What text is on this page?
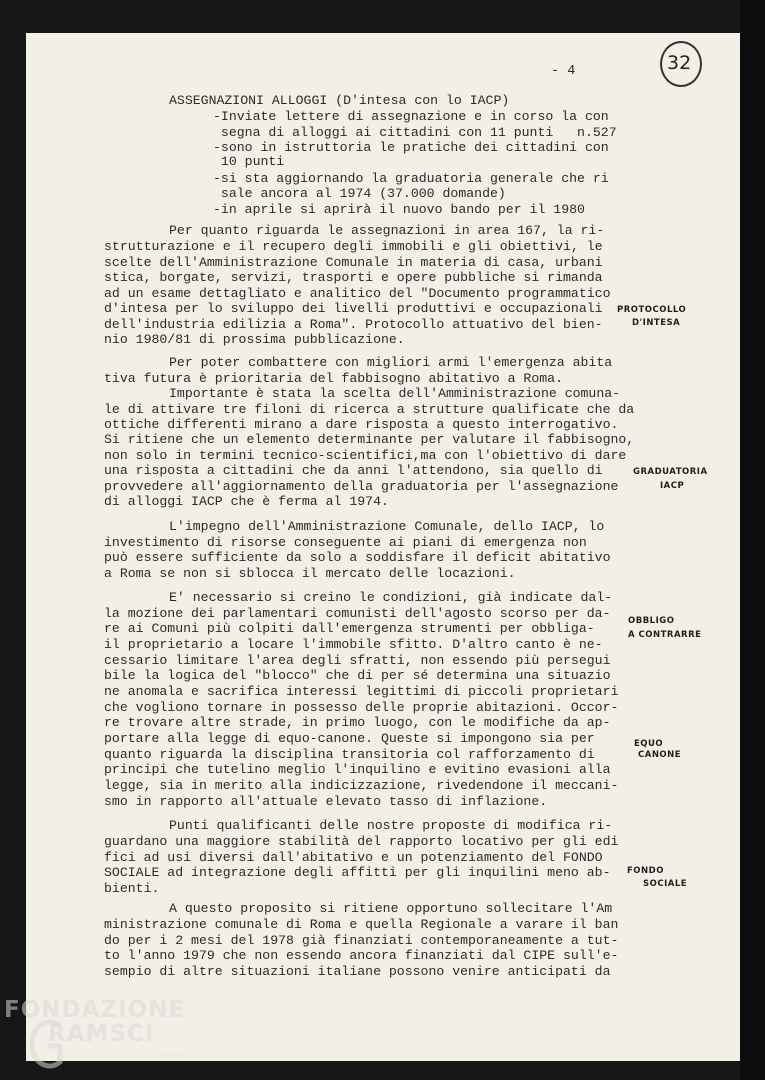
- 4	32
ASSEGNAZIONI ALLOGGI (D'intesa con lo IACP)
-Inviate lettere di assegnazione e in corso la con
segna di alloggi ai cittadini con 11 punti   n.527
-sono in istruttoria le pratiche dei cittadini con
10 punti
-si sta aggiornando la graduatoria generale che ri
sale ancora al 1974 (37.000 domande)
-in aprile si aprirà il nuovo bando per il 1980
Per quanto riguarda le assegnazioni in area 167, la ri-
strutturazione e il recupero degli immobili e gli obiettivi, le
scelte dell'Amministrazione Comunale in materia di casa, urbani
stica, borgate, servizi, trasporti e opere pubbliche si rimanda
ad un esame dettagliato e analitico del "Documento programmatico
d'intesa per lo sviluppo dei livelli produttivi e occupazionali
dell'industria edilizia a Roma". Protocollo attuativo del bien-
nio 1980/81 di prossima pubblicazione.
Per poter combattere con migliori armi l'emergenza abita
tiva futura è prioritaria del fabbisogno abitativo a Roma.
Importante è stata la scelta dell'Amministrazione comuna-
le di attivare tre filoni di ricerca a strutture qualificate che da
ottiche differenti mirano a dare risposta a questo interrogativo.
Si ritiene che un elemento determinante per valutare il fabbisogno,
non solo in termini tecnico-scientifici,ma con l'obiettivo di dare
una risposta a cittadini che da anni l'attendono, sia quello di
provvedere all'aggiornamento della graduatoria per l'assegnazione
di alloggi IACP che è ferma al 1974.
L'impegno dell'Amministrazione Comunale, dello IACP, lo
investimento di risorse conseguente ai piani di emergenza non
può essere sufficiente da solo a soddisfare il deficit abitativo
a Roma se non si sblocca il mercato delle locazioni.
E' necessario si creino le condizioni, già indicate dal-
la mozione dei parlamentari comunisti dell'agosto scorso per da-
re ai Comuni più colpiti dall'emergenza strumenti per obbliga-
il proprietario a locare l'immobile sfitto. D'altro canto è ne-
cessario limitare l'area degli sfratti, non essendo più persegui
bile la logica del "blocco" che di per sé determina una situazio
ne anomala e sacrifica interessi legittimi di piccoli proprietari
che vogliono tornare in possesso delle proprie abitazioni. Occor-
re trovare altre strade, in primo luogo, con le modifiche da ap-
portare alla legge di equo-canone. Queste si impongono sia per
quanto riguarda la disciplina transitoria col rafforzamento di
principi che tutelino meglio l'inquilino e evitino evasioni alla
legge, sia in merito alla indicizzazione, rivedendone il meccani-
smo in rapporto all'attuale elevato tasso di inflazione.
Punti qualificanti delle nostre proposte di modifica ri-
guardano una maggiore stabilità del rapporto locativo per gli edi
fici ad usi diversi dall'abitativo e un potenziamento del FONDO
SOCIALE ad integrazione degli affitti per gli inquilini meno ab-
bienti.
A questo proposito si ritiene opportuno sollecitare l'Am
ministrazione comunale di Roma e quella Regionale a varare il ban
do per i 2 mesi del 1978 già finanziati contemporaneamente a tut-
to l'anno 1979 che non essendo ancora finanziati dal CIPE sull'e-
sempio di altre situazioni italiane possono venire anticipati da
PROTOCOLLO
D'INTESA
GRADUATORIA
IACP
OBBLIGO
A CONTRARRE
EQUO
CANONE
FONDO
SOCIALE
FONDAZIONE
RAMSCI
onlus
